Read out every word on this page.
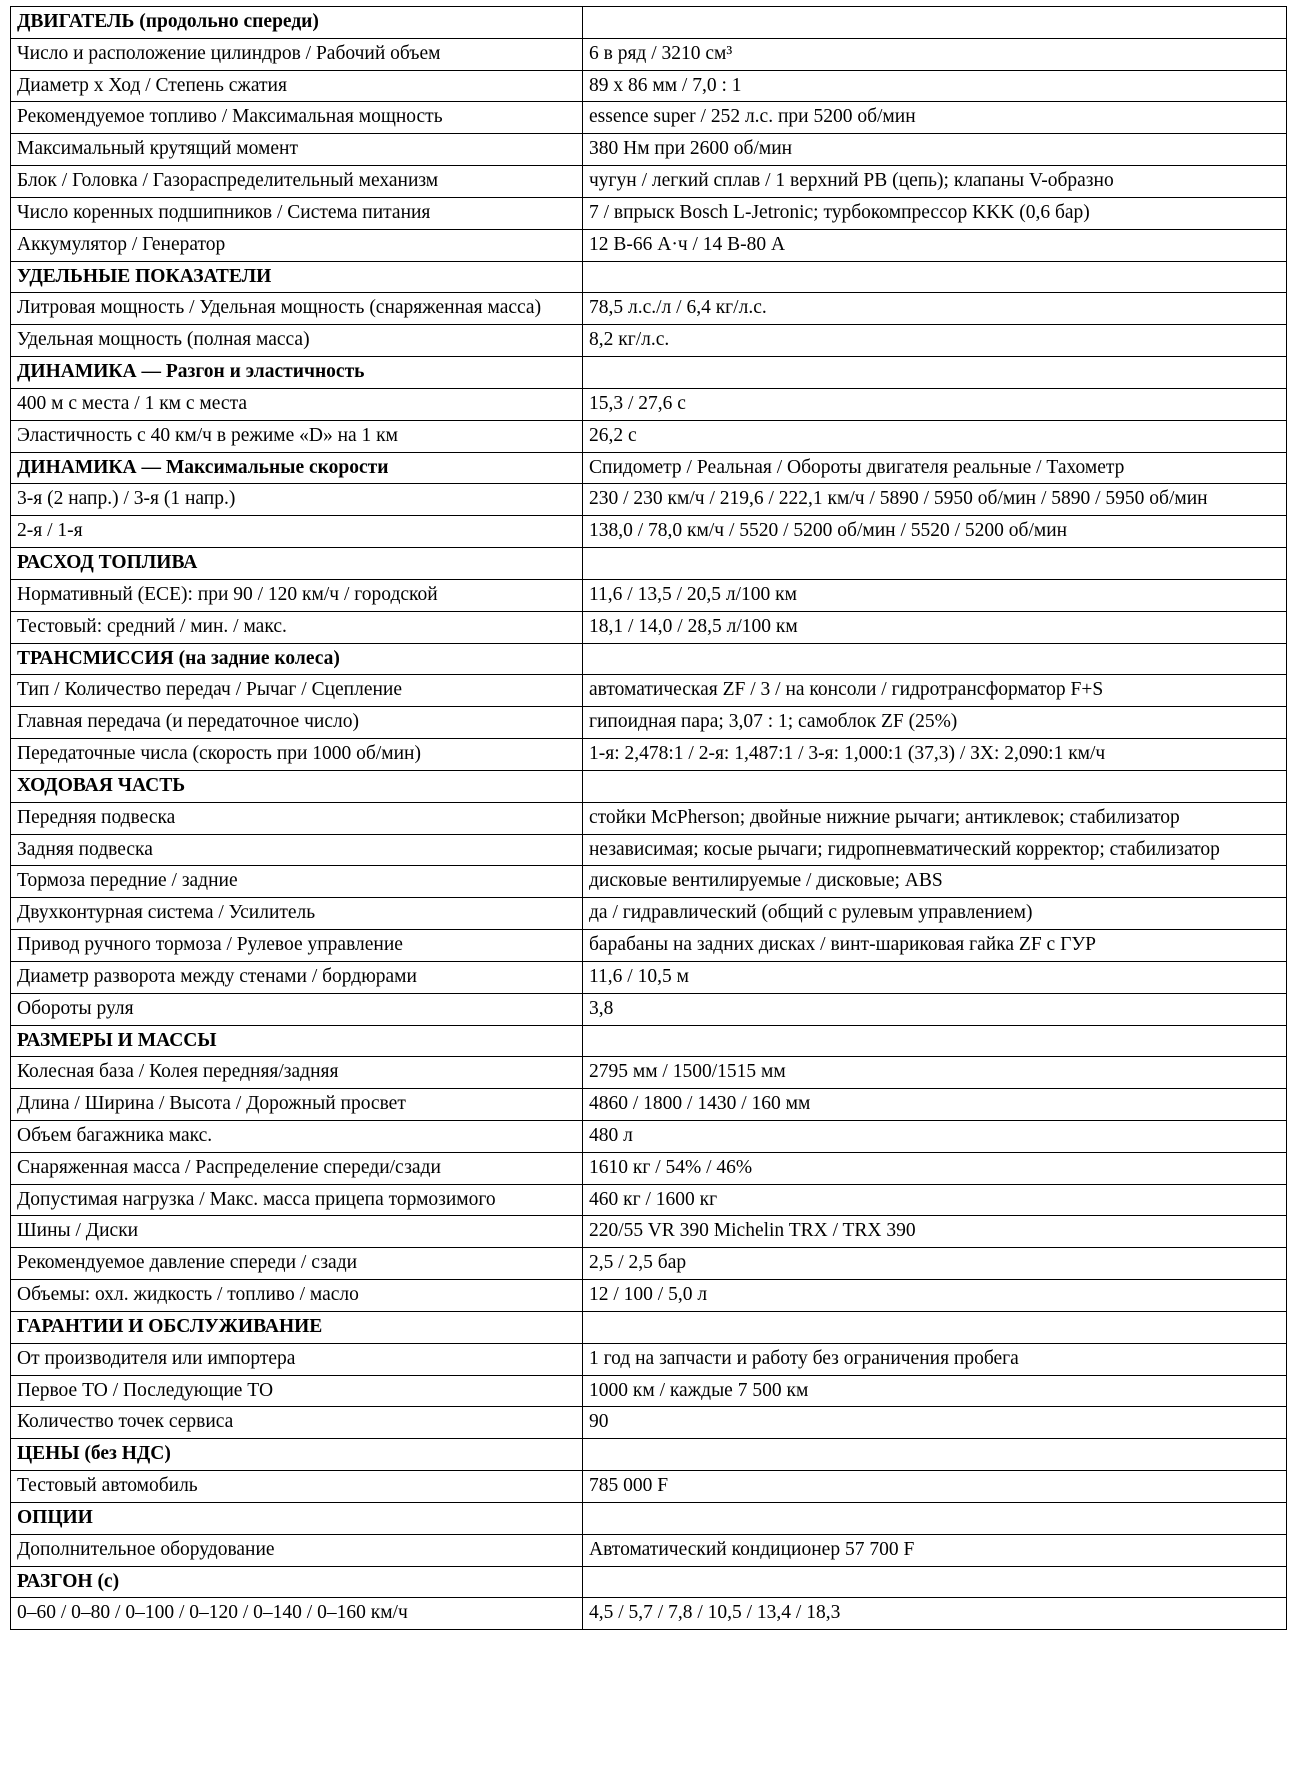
ДВИГАТЕЛЬ (продольно спереди)	
Число и расположение цилиндров / Рабочий объем	6 в ряд / 3210 см³
Диаметр x Ход / Степень сжатия	89 x 86 мм / 7,0 : 1
Рекомендуемое топливо / Максимальная мощность	essence super / 252 л.с. при 5200 об/мин
Максимальный крутящий момент	380 Нм при 2600 об/мин
Блок / Головка / Газораспределительный механизм	чугун / легкий сплав / 1 верхний РВ (цепь); клапаны V-образно
Число коренных подшипников / Система питания	7 / впрыск Bosch L-Jetronic; турбокомпрессор KKK (0,6 бар)
Аккумулятор / Генератор	12 В-66 А·ч / 14 В-80 А
УДЕЛЬНЫЕ ПОКАЗАТЕЛИ	
Литровая мощность / Удельная мощность (снаряженная масса)	78,5 л.с./л / 6,4 кг/л.с.
Удельная мощность (полная масса)	8,2 кг/л.с.
ДИНАМИКА — Разгон и эластичность	
400 м с места / 1 км с места	15,3 / 27,6 с
Эластичность с 40 км/ч в режиме «D» на 1 км	26,2 с
ДИНАМИКА — Максимальные скорости	Спидометр / Реальная / Обороты двигателя реальные / Тахометр
3-я (2 напр.) / 3-я (1 напр.)	230 / 230 км/ч / 219,6 / 222,1 км/ч / 5890 / 5950 об/мин / 5890 / 5950 об/мин
2-я / 1-я	138,0 / 78,0 км/ч / 5520 / 5200 об/мин / 5520 / 5200 об/мин
РАСХОД ТОПЛИВА	
Нормативный (ЕСЕ): при 90 / 120 км/ч / городской	11,6 / 13,5 / 20,5 л/100 км
Тестовый: средний / мин. / макс.	18,1 / 14,0 / 28,5 л/100 км
ТРАНСМИССИЯ (на задние колеса)	
Тип / Количество передач / Рычаг / Сцепление	автоматическая ZF / 3 / на консоли / гидротрансформатор F+S
Главная передача (и передаточное число)	гипоидная пара; 3,07 : 1; самоблок ZF (25%)
Передаточные числа (скорость при 1000 об/мин)	1-я: 2,478:1 / 2-я: 1,487:1 / 3-я: 1,000:1 (37,3) / ЗХ: 2,090:1 км/ч
ХОДОВАЯ ЧАСТЬ	
Передняя подвеска	стойки McPherson; двойные нижние рычаги; антиклевок; стабилизатор
Задняя подвеска	независимая; косые рычаги; гидропневматический корректор; стабилизатор
Тормоза передние / задние	дисковые вентилируемые / дисковые; ABS
Двухконтурная система / Усилитель	да / гидравлический (общий с рулевым управлением)
Привод ручного тормоза / Рулевое управление	барабаны на задних дисках / винт-шариковая гайка ZF с ГУР
Диаметр разворота между стенами / бордюрами	11,6 / 10,5 м
Обороты руля	3,8
РАЗМЕРЫ И МАССЫ	
Колесная база / Колея передняя/задняя	2795 мм / 1500/1515 мм
Длина / Ширина / Высота / Дорожный просвет	4860 / 1800 / 1430 / 160 мм
Объем багажника макс.	480 л
Снаряженная масса / Распределение спереди/сзади	1610 кг / 54% / 46%
Допустимая нагрузка / Макс. масса прицепа тормозимого	460 кг / 1600 кг
Шины / Диски	220/55 VR 390 Michelin TRX / TRX 390
Рекомендуемое давление спереди / сзади	2,5 / 2,5 бар
Объемы: охл. жидкость / топливо / масло	12 / 100 / 5,0 л
ГАРАНТИИ И ОБСЛУЖИВАНИЕ	
От производителя или импортера	1 год на запчасти и работу без ограничения пробега
Первое ТО / Последующие ТО	1000 км / каждые 7 500 км
Количество точек сервиса	90
ЦЕНЫ (без НДС)	
Тестовый автомобиль	785 000 F
ОПЦИИ	
Дополнительное оборудование	Автоматический кондиционер 57 700 F
РАЗГОН (с)	
0–60 / 0–80 / 0–100 / 0–120 / 0–140 / 0–160 км/ч	4,5 / 5,7 / 7,8 / 10,5 / 13,4 / 18,3
